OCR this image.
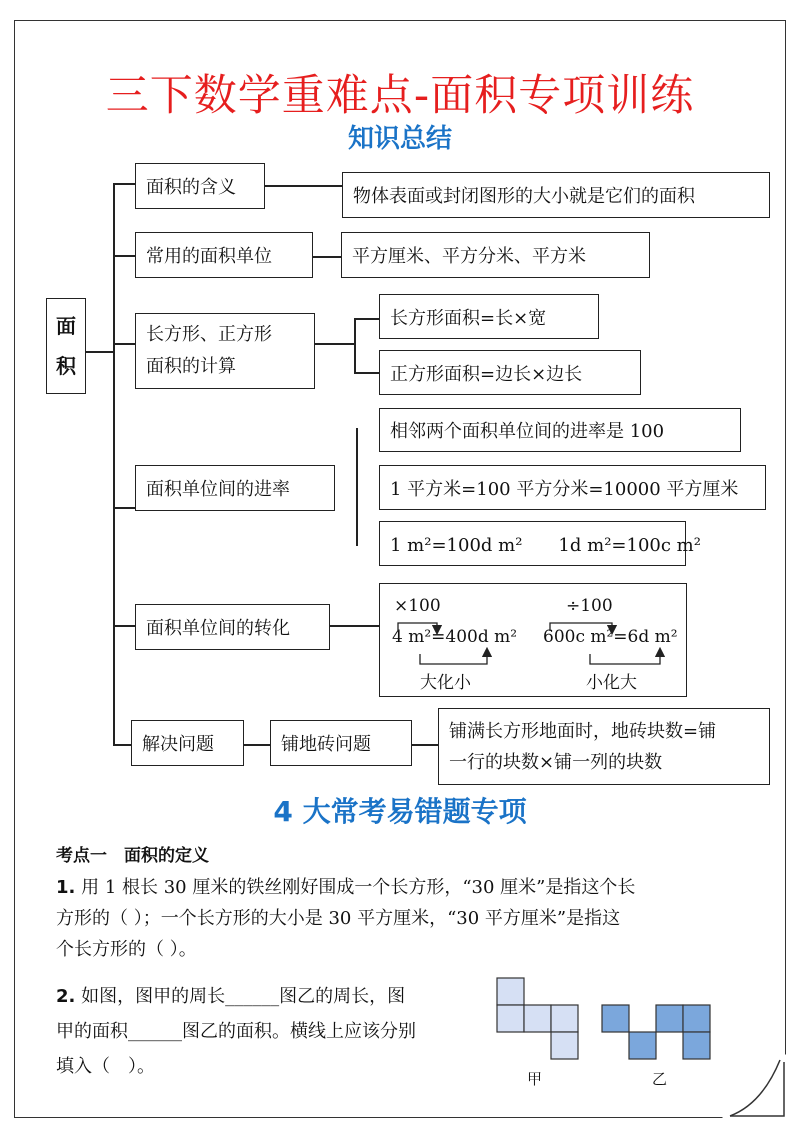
三下数学重难点-面积专项训练
知识总结
面
积
面积的含义	物体表面或封闭图形的大小就是它们的面积
常用的面积单位	平方厘米、平方分米、平方米
长方形、正方形
面积的计算
长方形面积=长×宽
正方形面积=边长×边长
面积单位间的进率
相邻两个面积单位间的进率是 100
1 平方米=100 平方分米=10000 平方厘米
1 m²=100d m²　　1d m²=100c m²
面积单位间的转化
×100
4 m²=400d m²
大化小
÷100
600c m²=6d m²
小化大
解决问题	铺地砖问题
铺满长方形地面时，地砖块数=铺
一行的块数×铺一列的块数
4 大常考易错题专项
考点一　面积的定义
1. 用 1 根长 30 厘米的铁丝刚好围成一个长方形，“30 厘米”是指这个长
方形的（ ）；一个长方形的大小是 30 平方厘米，“30 平方厘米”是指这
个长方形的（ ）。
2. 如图，图甲的周长______图乙的周长，图
甲的面积______图乙的面积。横线上应该分别
填入（　）。
甲	乙
